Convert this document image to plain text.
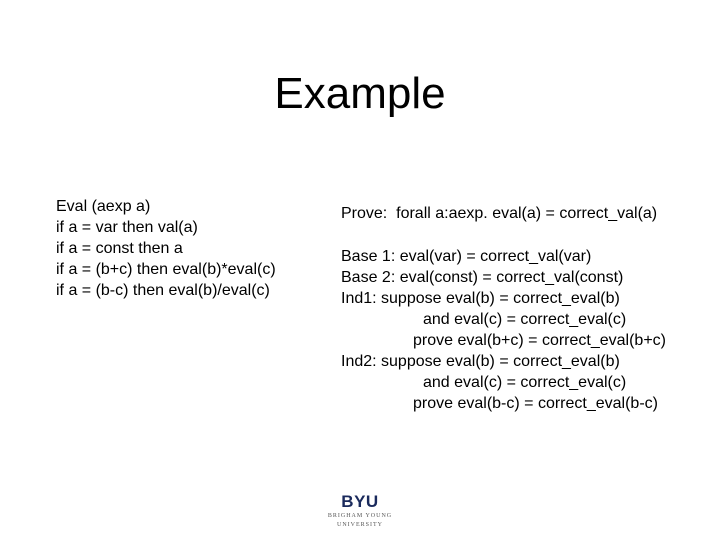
Example
Eval (aexp a)
if a = var then val(a)
if a = const then a
if a = (b+c) then eval(b)*eval(c)
if a = (b-c) then eval(b)/eval(c)
Prove:  forall a:aexp. eval(a) = correct_val(a)
Base 1: eval(var) = correct_val(var)
Base 2: eval(const) = correct_val(const)
Ind1: suppose eval(b) = correct_eval(b)
and eval(c) = correct_eval(c)
prove eval(b+c) = correct_eval(b+c)
Ind2: suppose eval(b) = correct_eval(b)
and eval(c) = correct_eval(c)
prove eval(b-c) = correct_eval(b-c)
BYU
BRIGHAM YOUNG
UNIVERSITY
